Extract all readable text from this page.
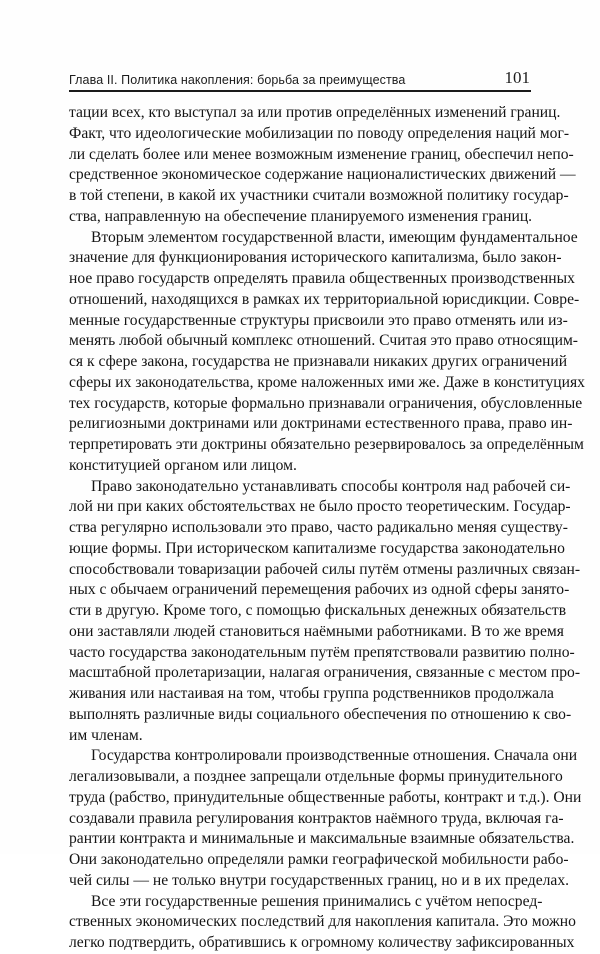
Глава II. Политика накопления: борьба за преимущества	101
тации всех, кто выступал за или против определённых изменений границ.
Факт, что идеологические мобилизации по поводу определения наций мог-
ли сделать более или менее возможным изменение границ, обеспечил непо-
средственное экономическое содержание националистических движений —
в той степени, в какой их участники считали возможной политику государ-
ства, направленную на обеспечение планируемого изменения границ.
Вторым элементом государственной власти, имеющим фундаментальное
значение для функционирования исторического капитализма, было закон-
ное право государств определять правила общественных производственных
отношений, находящихся в рамках их территориальной юрисдикции. Совре-
менные государственные структуры присвоили это право отменять или из-
менять любой обычный комплекс отношений. Считая это право относящим-
ся к сфере закона, государства не признавали никаких других ограничений
сферы их законодательства, кроме наложенных ими же. Даже в конституциях
тех государств, которые формально признавали ограничения, обусловленные
религиозными доктринами или доктринами естественного права, право ин-
терпретировать эти доктрины обязательно резервировалось за определённым
конституцией органом или лицом.
Право законодательно устанавливать способы контроля над рабочей си-
лой ни при каких обстоятельствах не было просто теоретическим. Государ-
ства регулярно использовали это право, часто радикально меняя существу-
ющие формы. При историческом капитализме государства законодательно
способствовали товаризации рабочей силы путём отмены различных связан-
ных с обычаем ограничений перемещения рабочих из одной сферы занято-
сти в другую. Кроме того, с помощью фискальных денежных обязательств
они заставляли людей становиться наёмными работниками. В то же время
часто государства законодательным путём препятствовали развитию полно-
масштабной пролетаризации, налагая ограничения, связанные с местом про-
живания или настаивая на том, чтобы группа родственников продолжала
выполнять различные виды социального обеспечения по отношению к сво-
им членам.
Государства контролировали производственные отношения. Сначала они
легализовывали, а позднее запрещали отдельные формы принудительного
труда (рабство, принудительные общественные работы, контракт и т.д.). Они
создавали правила регулирования контрактов наёмного труда, включая га-
рантии контракта и минимальные и максимальные взаимные обязательства.
Они законодательно определяли рамки географической мобильности рабо-
чей силы — не только внутри государственных границ, но и в их пределах.
Все эти государственные решения принимались с учётом непосред-
ственных экономических последствий для накопления капитала. Это можно
легко подтвердить, обратившись к огромному количеству зафиксированных
